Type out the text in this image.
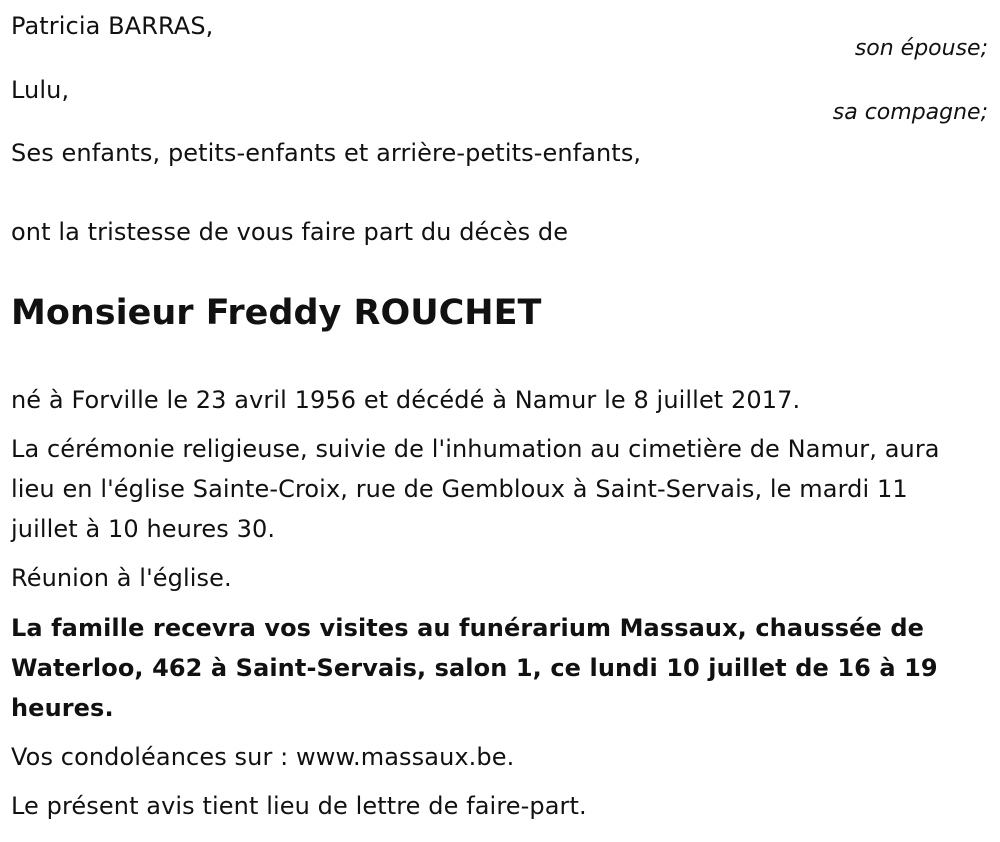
Patricia BARRAS,
son épouse;
Lulu,
sa compagne;
Ses enfants, petits-enfants et arrière-petits-enfants,
ont la tristesse de vous faire part du décès de
Monsieur Freddy ROUCHET
né à Forville le 23 avril 1956 et décédé à Namur le 8 juillet 2017.
La cérémonie religieuse, suivie de l'inhumation au cimetière de Namur, aura lieu en l'église Sainte-Croix, rue de Gembloux à Saint-Servais, le mardi 11 juillet à 10 heures 30.
Réunion à l'église.
La famille recevra vos visites au funérarium Massaux, chaussée de Waterloo, 462 à Saint-Servais, salon 1, ce lundi 10 juillet de 16 à 19 heures.
Vos condoléances sur : www.massaux.be.
Le présent avis tient lieu de lettre de faire-part.
